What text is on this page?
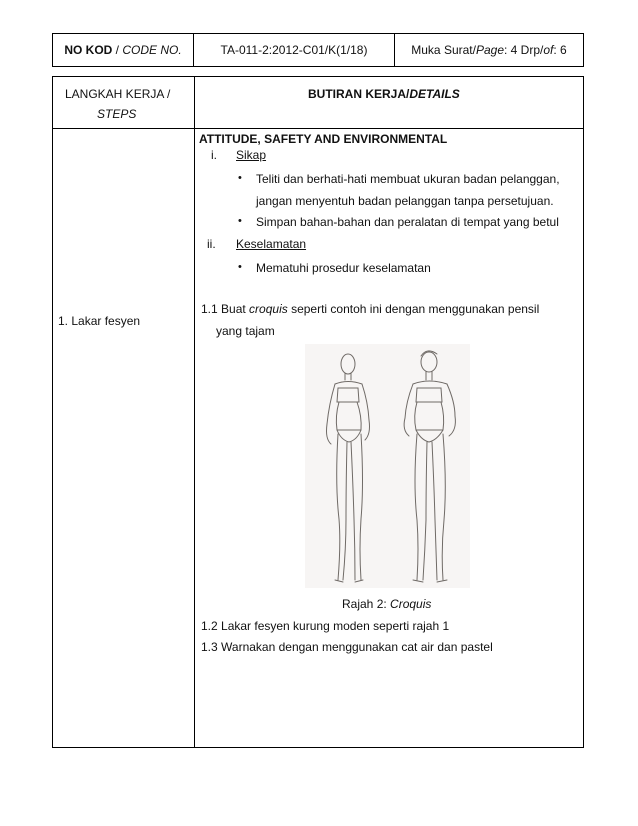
NO KOD / CODE NO.	TA-011-2:2012-C01/K(1/18)	Muka Surat/ Page : 4 Drp/ of : 6
LANGKAH KERJA /
STEPS
BUTIRAN KERJA/DETAILS
1. Lakar fesyen
ATTITUDE, SAFETY AND ENVIRONMENTAL
i. Sikap
• Teliti dan berhati-hati membuat ukuran badan pelanggan,
jangan menyentuh badan pelanggan tanpa persetujuan.
• Simpan bahan-bahan dan peralatan di tempat yang betul
ii. Keselamatan
• Mematuhi prosedur keselamatan
1.1 Buat croquis seperti contoh ini dengan menggunakan pensil
yang tajam
Rajah 2: Croquis
1.2 Lakar fesyen kurung moden seperti rajah 1
1.3 Warnakan dengan menggunakan cat air dan pastel
